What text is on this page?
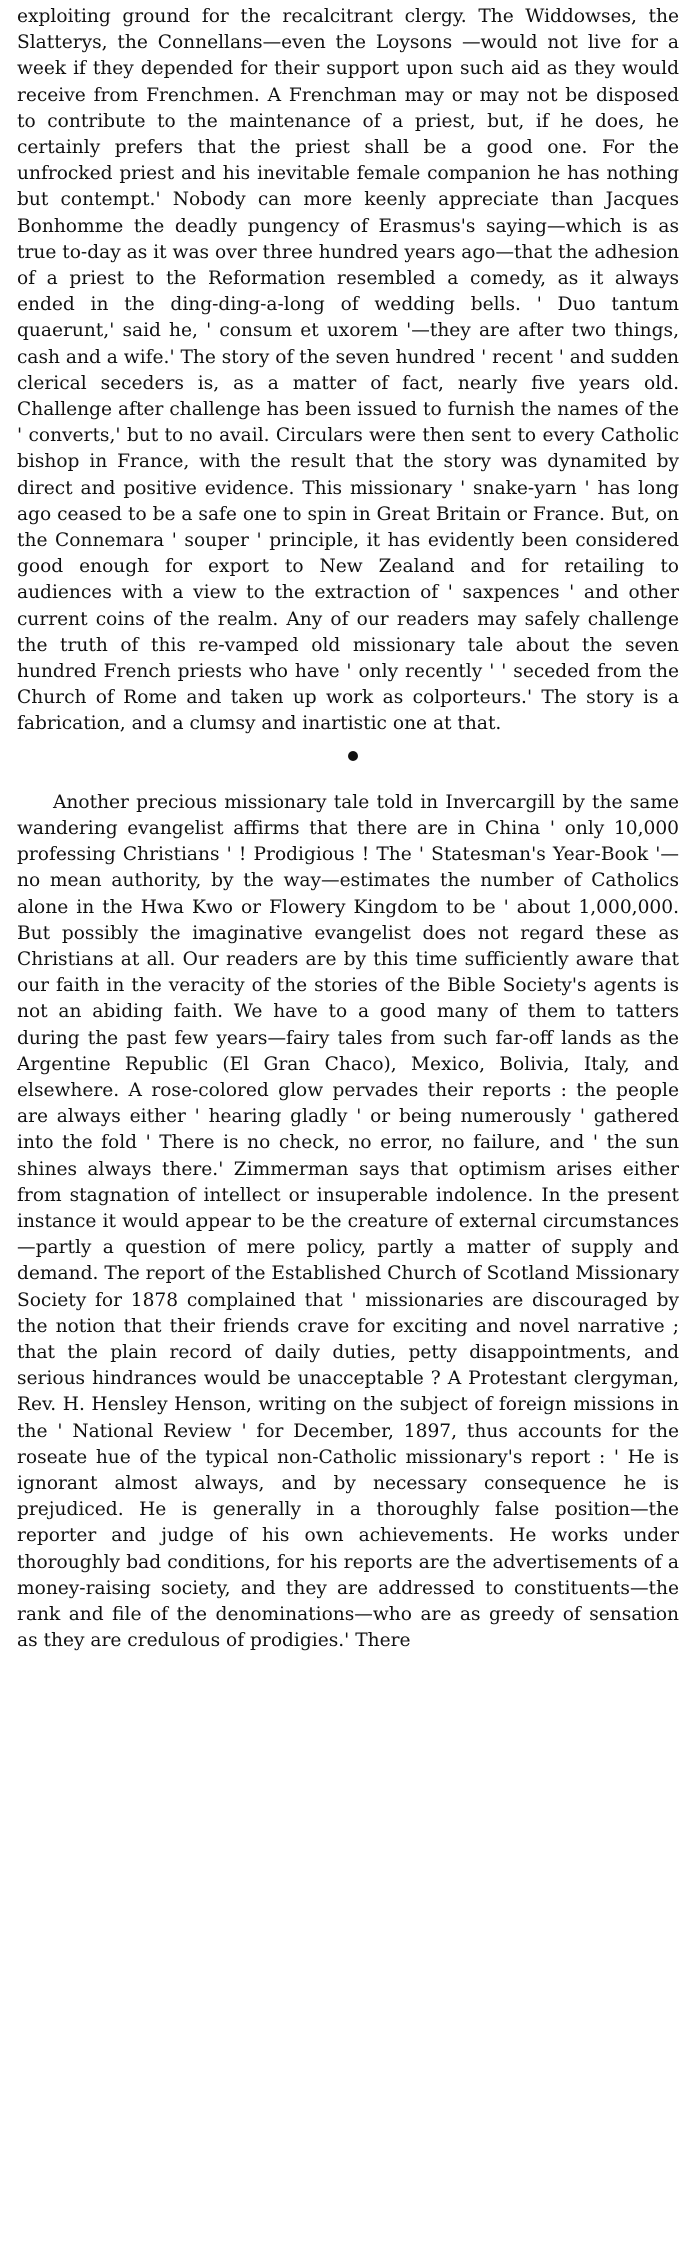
exploiting ground for the recalcitrant clergy. The Widdowses, the Slatterys, the Connellans—even the Loysons —would not live for a week if they depended for their support upon such aid as they would receive from Frenchmen. A Frenchman may or may not be disposed to contribute to the maintenance of a priest, but, if he does, he certainly prefers that the priest shall be a good one. For the unfrocked priest and his inevitable female companion he has nothing but contempt.' Nobody can more keenly appreciate than Jacques Bonhomme the deadly pungency of Erasmus's saying—which is as true to-day as it was over three hundred years ago—that the adhesion of a priest to the Reformation resembled a comedy, as it always ended in the ding-ding-a-long of wedding bells. ' Duo tantum quaerunt,' said he, ' consum et uxorem '—they are after two things, cash and a wife.' The story of the seven hundred ' recent ' and sudden clerical seceders is, as a matter of fact, nearly five years old. Challenge after challenge has been issued to furnish the names of the ' converts,' but to no avail. Circulars were then sent to every Catholic bishop in France, with the result that the story was dynamited by direct and positive evidence. This missionary ' snake-yarn ' has long ago ceased to be a safe one to spin in Great Britain or France. But, on the Connemara ' souper ' principle, it has evidently been considered good enough for export to New Zealand and for retailing to audiences with a view to the extraction of ' saxpences ' and other current coins of the realm. Any of our readers may safely challenge the truth of this re-vamped old missionary tale about the seven hundred French priests who have ' only recently ' ' seceded from the Church of Rome and taken up work as colporteurs.' The story is a fabrication, and a clumsy and inartistic one at that.

Another precious missionary tale told in Invercargill by the same wandering evangelist affirms that there are in China ' only 10,000 professing Christians ' ! Prodigious ! The ' Statesman's Year-Book '—no mean authority, by the way—estimates the number of Catholics alone in the Hwa Kwo or Flowery Kingdom to be ' about 1,000,000. But possibly the imaginative evangelist does not regard these as Christians at all. Our readers are by this time sufficiently aware that our faith in the veracity of the stories of the Bible Society's agents is not an abiding faith. We have to a good many of them to tatters during the past few years—fairy tales from such far-off lands as the Argentine Republic (El Gran Chaco), Mexico, Bolivia, Italy, and elsewhere. A rose-colored glow pervades their reports : the people are always either ' hearing gladly ' or being numerously ' gathered into the fold ' There is no check, no error, no failure, and ' the sun shines always there.' Zimmerman says that optimism arises either from stagnation of intellect or insuperable indolence. In the present instance it would appear to be the creature of external circumstances—partly a question of mere policy, partly a matter of supply and demand. The report of the Established Church of Scotland Missionary Society for 1878 complained that ' missionaries are discouraged by the notion that their friends crave for exciting and novel narrative ; that the plain record of daily duties, petty disappointments, and serious hindrances would be unacceptable ? A Protestant clergyman, Rev. H. Hensley Henson, writing on the subject of foreign missions in the ' National Review ' for December, 1897, thus accounts for the roseate hue of the typical non-Catholic missionary's report : ' He is ignorant almost always, and by necessary consequence he is prejudiced. He is generally in a thoroughly false position—the reporter and judge of his own achievements. He works under thoroughly bad conditions, for his reports are the advertisements of a money-raising society, and they are addressed to constituents—the rank and file of the denominations—who are as greedy of sensation as they are credulous of prodigies.' There
